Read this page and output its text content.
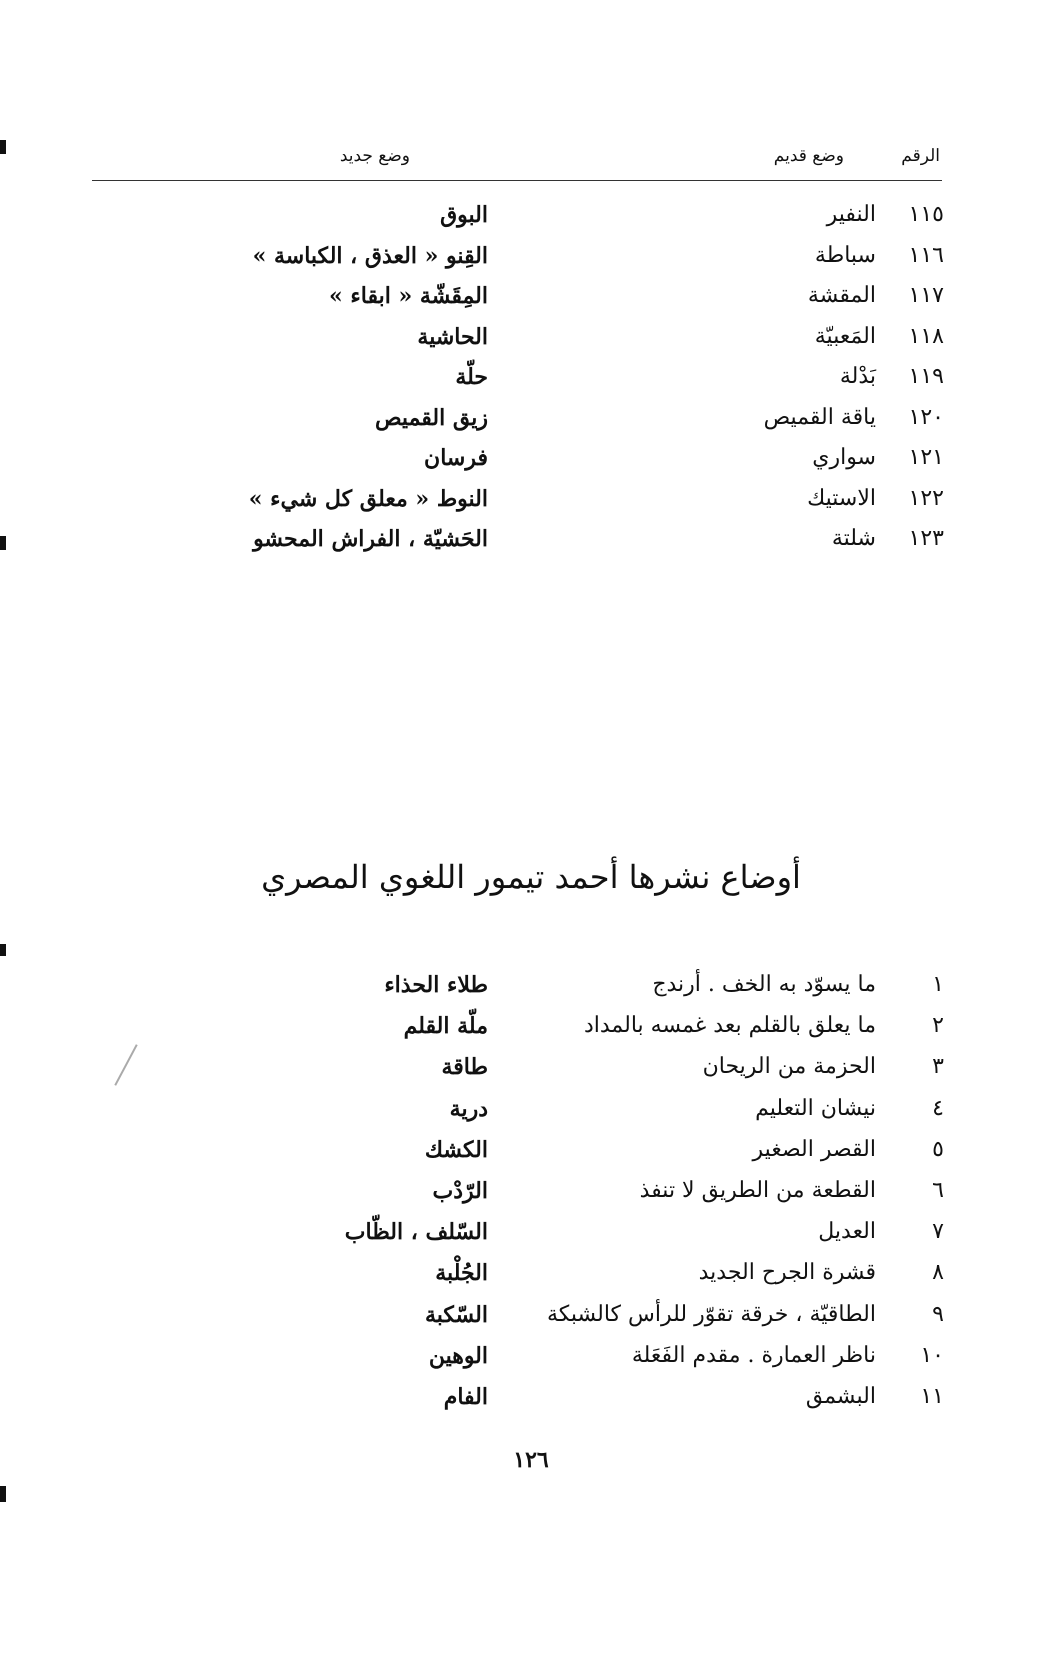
الرقم
وضع قديم
وضع جديد
١١٥
النفير
البوق
١١٦
سباطة
القِنو « العذق ، الكباسة »
١١٧
المقشة
المِقَشّة « ابقاء »
١١٨
المَعبيّة
الحاشية
١١٩
بَدْلة
حلّة
١٢٠
ياقة القميص
زيق القميص
١٢١
سواري
فرسان
١٢٢
الاستيك
النوط « معلق كل شيء »
١٢٣
شلتة
الحَشيّة ، الفراش المحشو
أوضاع نشرها أحمد تيمور اللغوي المصري
١
ما يسوّد به الخف . أرندج
طلاء الحذاء
٢
ما يعلق بالقلم بعد غمسه بالمداد
ملّة القلم
٣
الحزمة من الريحان
طاقة
٤
نيشان التعليم
درية
٥
القصر الصغير
الكشك
٦
القطعة من الطريق لا تنفذ
الرّدْب
٧
العديل
السّلف ، الظّاب
٨
قشرة الجرح الجديد
الجُلْبة
٩
الطاقيّة ، خرقة تقوّر للرأس كالشبكة
السّكبة
١٠
ناظر العمارة . مقدم الفَعَلة
الوهين
١١
البشمق
الفام
١٢٦
